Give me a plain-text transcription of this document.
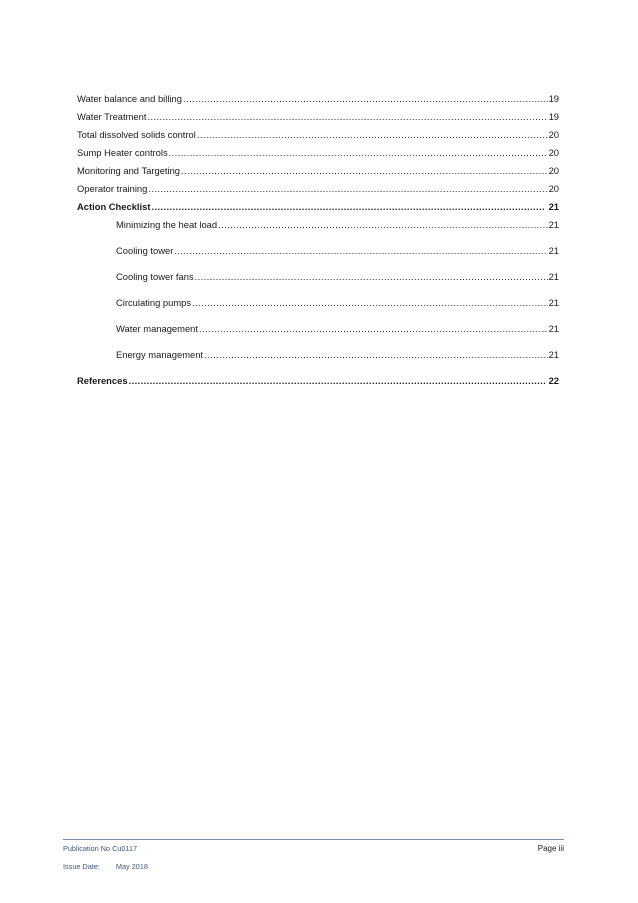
Water balance and billing .....	19
Water Treatment .....	19
Total dissolved solids control .....	20
Sump Heater controls .....	20
Monitoring and Targeting .....	20
Operator training .....	20
Action Checklist .....	21
Minimizing the heat load .....	21
Cooling tower .....	21
Cooling tower fans .....	21
Circulating pumps .....	21
Water management .....	21
Energy management .....	21
References .....	22
Publication No Cu0117	Page iii
Issue Date: May 2018
